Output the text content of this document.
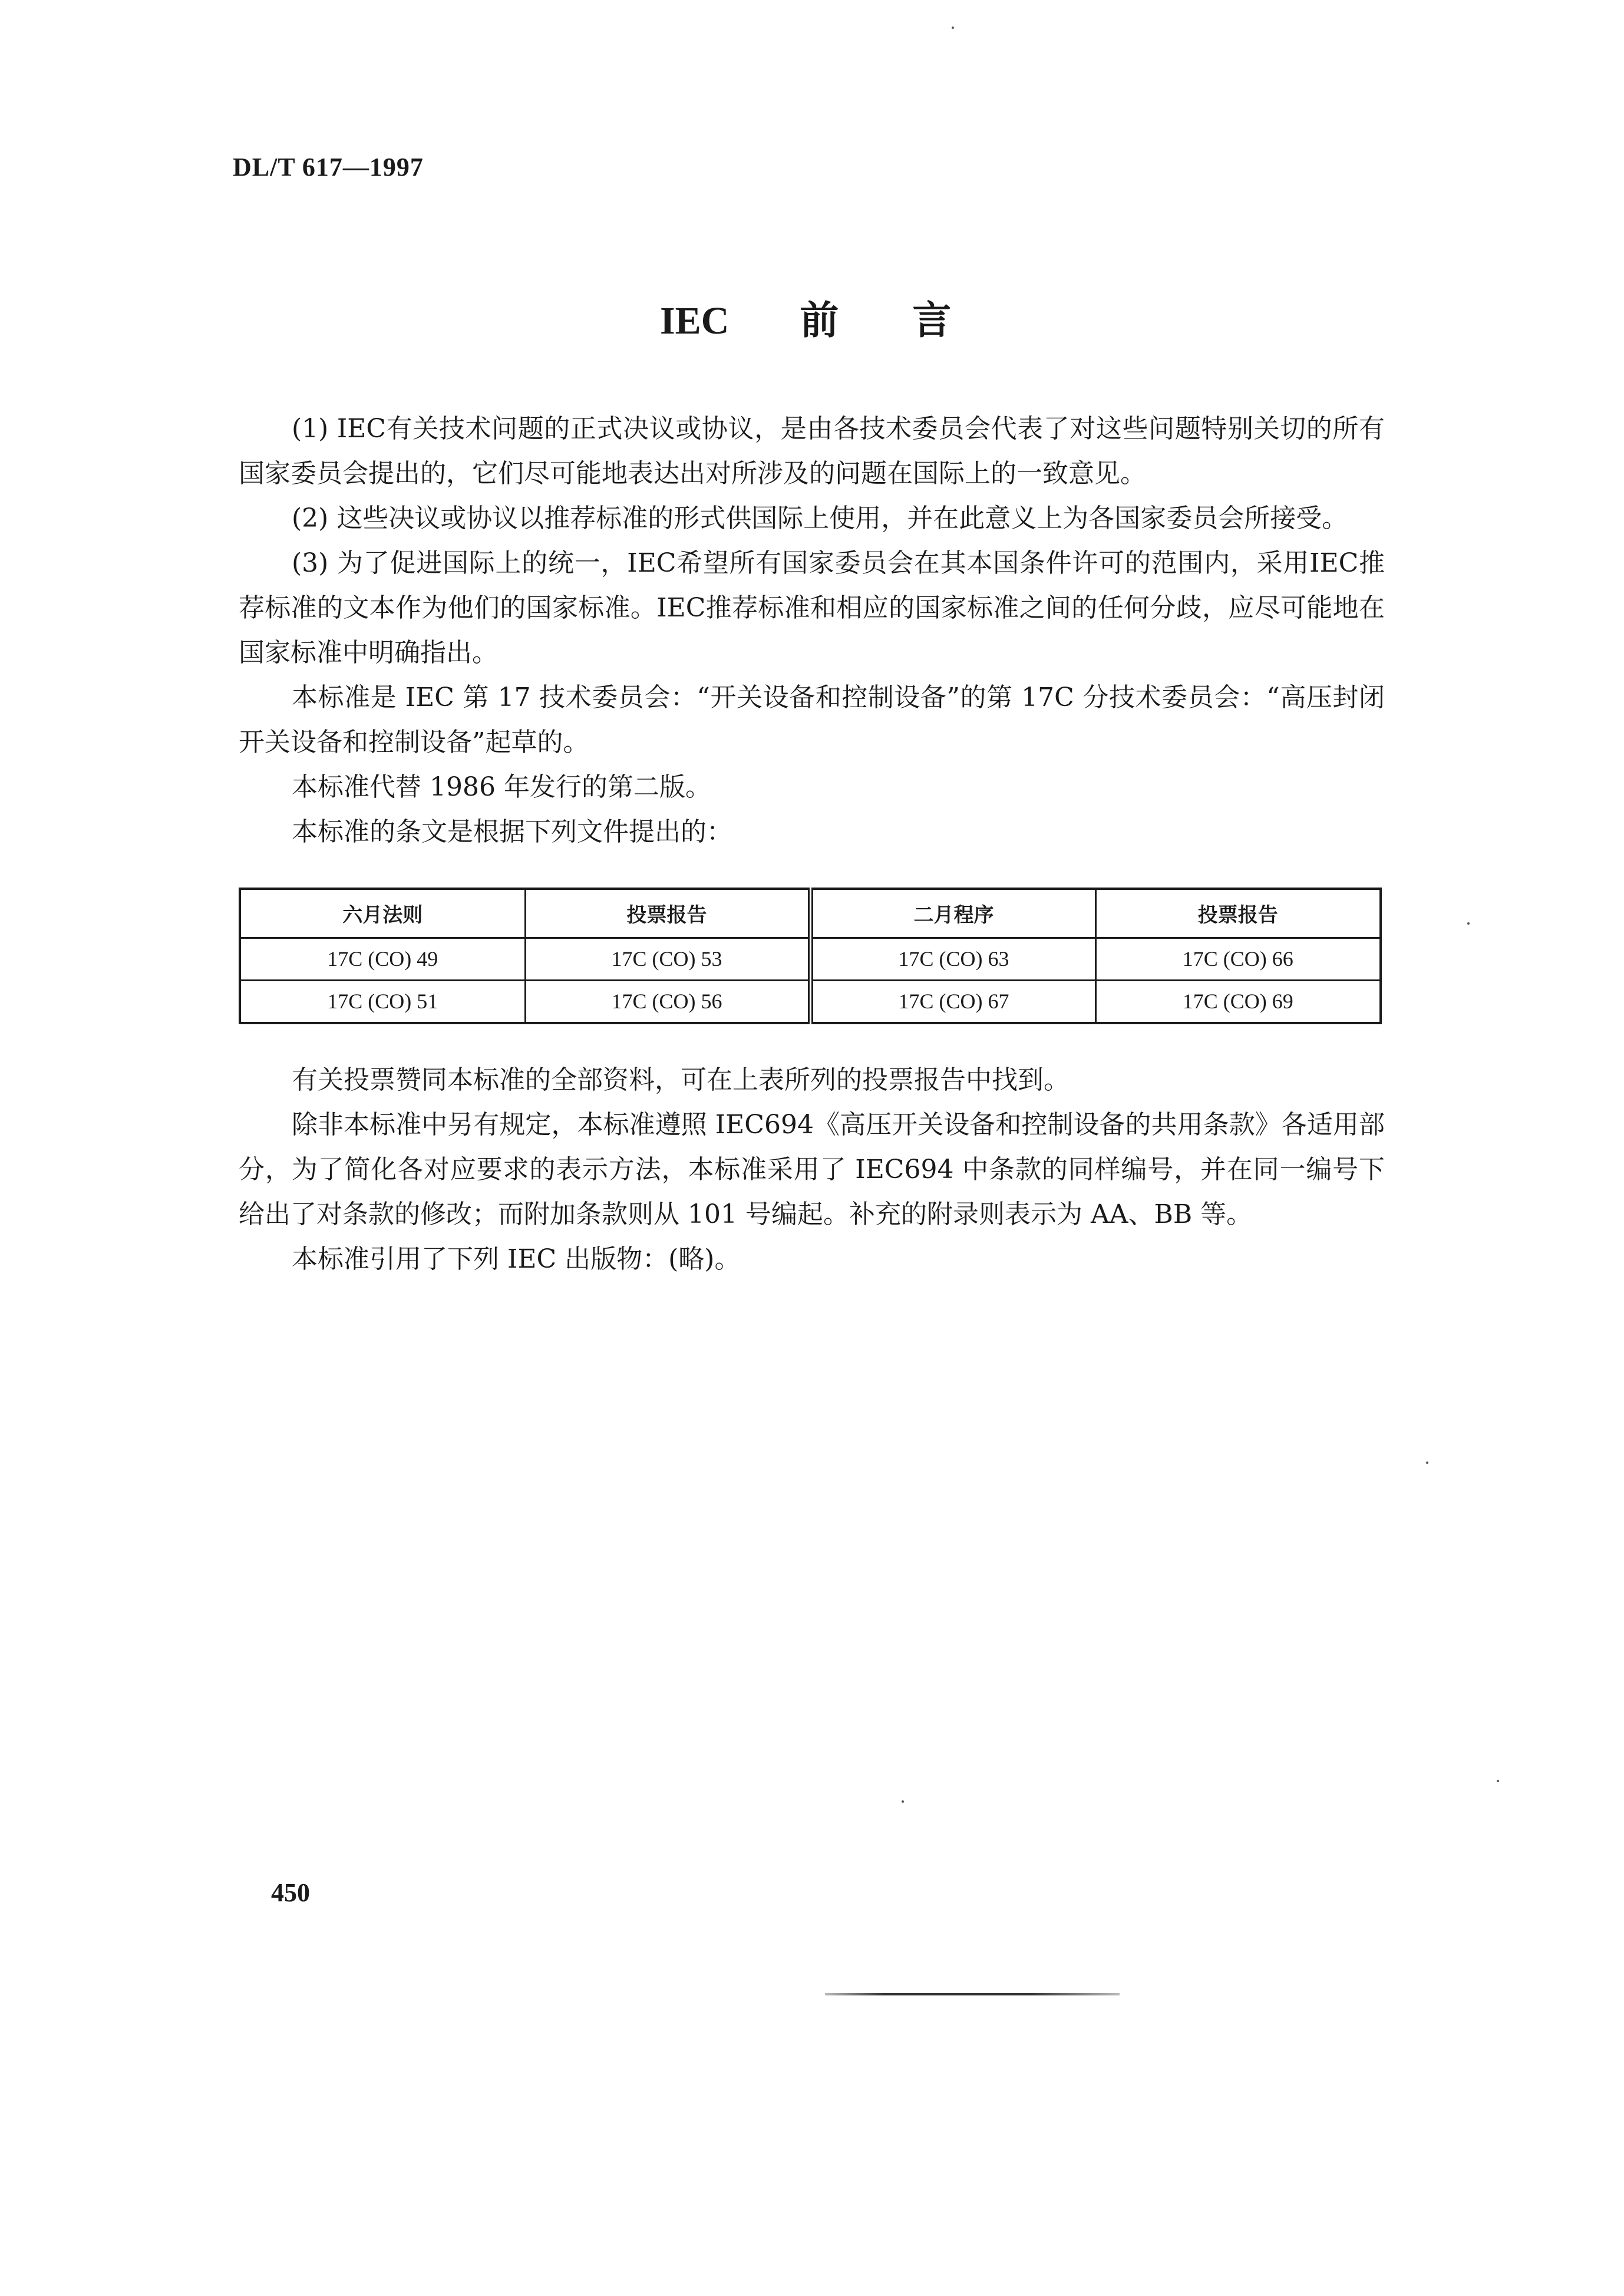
DL/T 617—1997
IEC 前 言

(1) IEC有关技术问题的正式决议或协议，是由各技术委员会代表了对这些问题特别关切的所有国家委员会提出的，它们尽可能地表达出对所涉及的问题在国际上的一致意见。

(2) 这些决议或协议以推荐标准的形式供国际上使用，并在此意义上为各国家委员会所接受。

(3) 为了促进国际上的统一，IEC希望所有国家委员会在其本国条件许可的范围内，采用IEC推荐标准的文本作为他们的国家标准。IEC推荐标准和相应的国家标准之间的任何分歧，应尽可能地在国家标准中明确指出。

本标准是 IEC 第 17 技术委员会：“开关设备和控制设备”的第 17C 分技术委员会：“高压封闭开关设备和控制设备”起草的。

本标准代替 1986 年发行的第二版。

本标准的条文是根据下列文件提出的：

六月法则	投票报告	二月程序	投票报告
17C (CO) 49	17C (CO) 53	17C (CO) 63	17C (CO) 66
17C (CO) 51	17C (CO) 56	17C (CO) 67	17C (CO) 69

有关投票赞同本标准的全部资料，可在上表所列的投票报告中找到。

除非本标准中另有规定，本标准遵照 IEC694《高压开关设备和控制设备的共用条款》各适用部分，为了简化各对应要求的表示方法，本标准采用了 IEC694 中条款的同样编号，并在同一编号下给出了对条款的修改；而附加条款则从 101 号编起。补充的附录则表示为 AA、BB 等。

本标准引用了下列 IEC 出版物：(略)。

450
